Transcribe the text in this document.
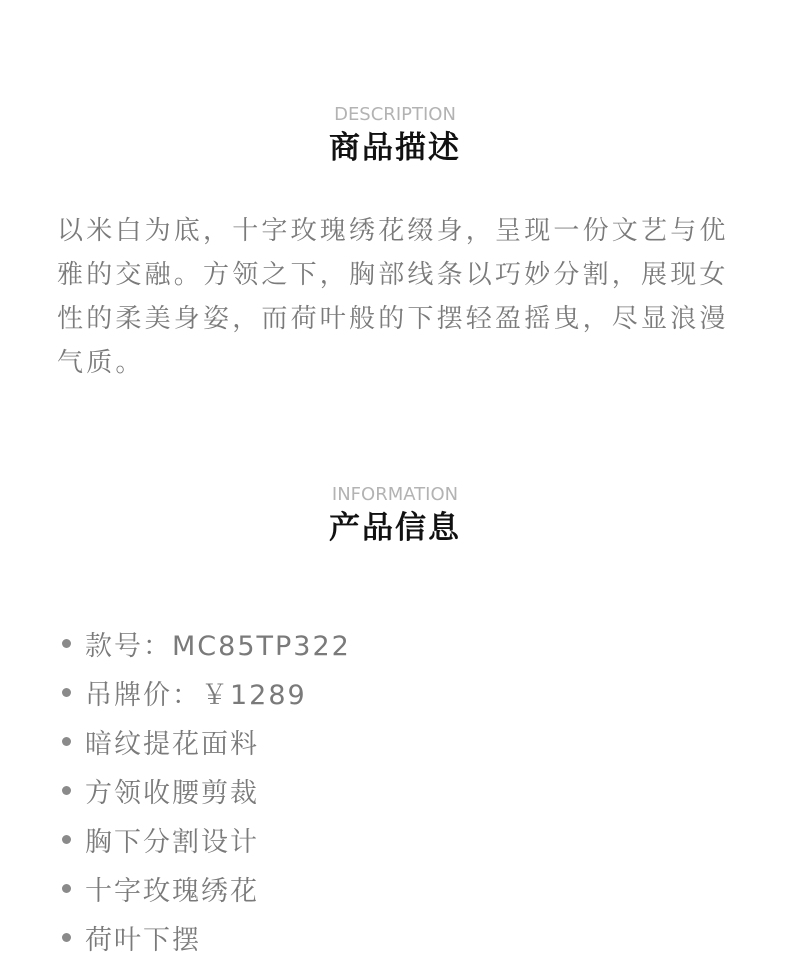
DESCRIPTION
商品描述

以米白为底，十字玫瑰绣花缀身，呈现一份文艺与优雅的交融。方领之下，胸部线条以巧妙分割，展现女性的柔美身姿，而荷叶般的下摆轻盈摇曳，尽显浪漫气质。

INFORMATION
产品信息
款号：MC85TP322
吊牌价：￥1289
暗纹提花面料
方领收腰剪裁
胸下分割设计
十字玫瑰绣花
荷叶下摆
